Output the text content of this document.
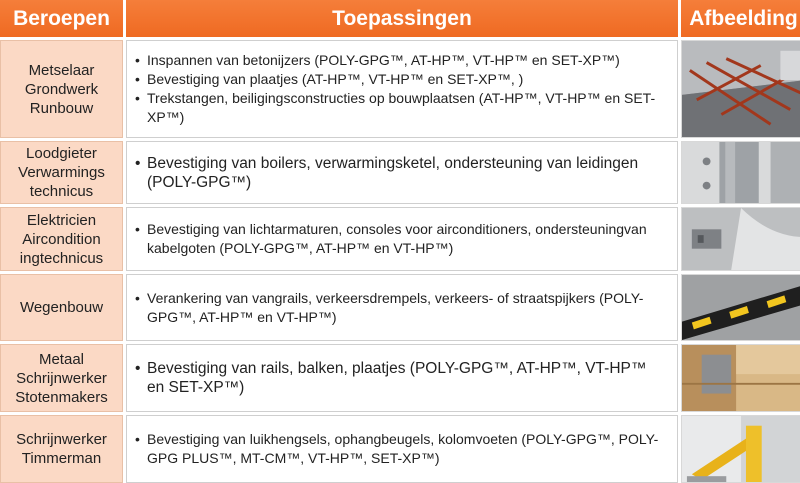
Beroepen	Toepassingen	Afbeelding
Metselaar
Grondwerk
Runbouw
• Inspannen van betonijzers (POLY-GPG™, AT-HP™, VT-HP™ en SET-XP™)
• Bevestiging van plaatjes (AT-HP™, VT-HP™ en SET-XP™, )
• Trekstangen, beiligingsconstructies op bouwplaatsen (AT-HP™, VT-HP™ en SET-XP™)
Loodgieter
Verwarmings
technicus
• Bevestiging van boilers, verwarmingsketel, ondersteuning van leidingen (POLY-GPG™)
Elektricien
Aircondition
ingtechnicus
• Bevestiging van lichtarmaturen, consoles voor airconditioners, ondersteuningvan kabelgoten (POLY-GPG™, AT-HP™ en VT-HP™)
Wegenbouw
• Verankering van vangrails, verkeersdrempels, verkeers- of straatspijkers (POLY-GPG™, AT-HP™ en VT-HP™)
Metaal
Schrijnwerker
Stotenmakers
• Bevestiging van rails, balken, plaatjes (POLY-GPG™, AT-HP™, VT-HP™ en SET-XP™)
Schrijnwerker
Timmerman
• Bevestiging van luikhengsels, ophangbeugels, kolomvoeten (POLY-GPG™, POLY-GPG PLUS™, MT-CM™, VT-HP™, SET-XP™)
